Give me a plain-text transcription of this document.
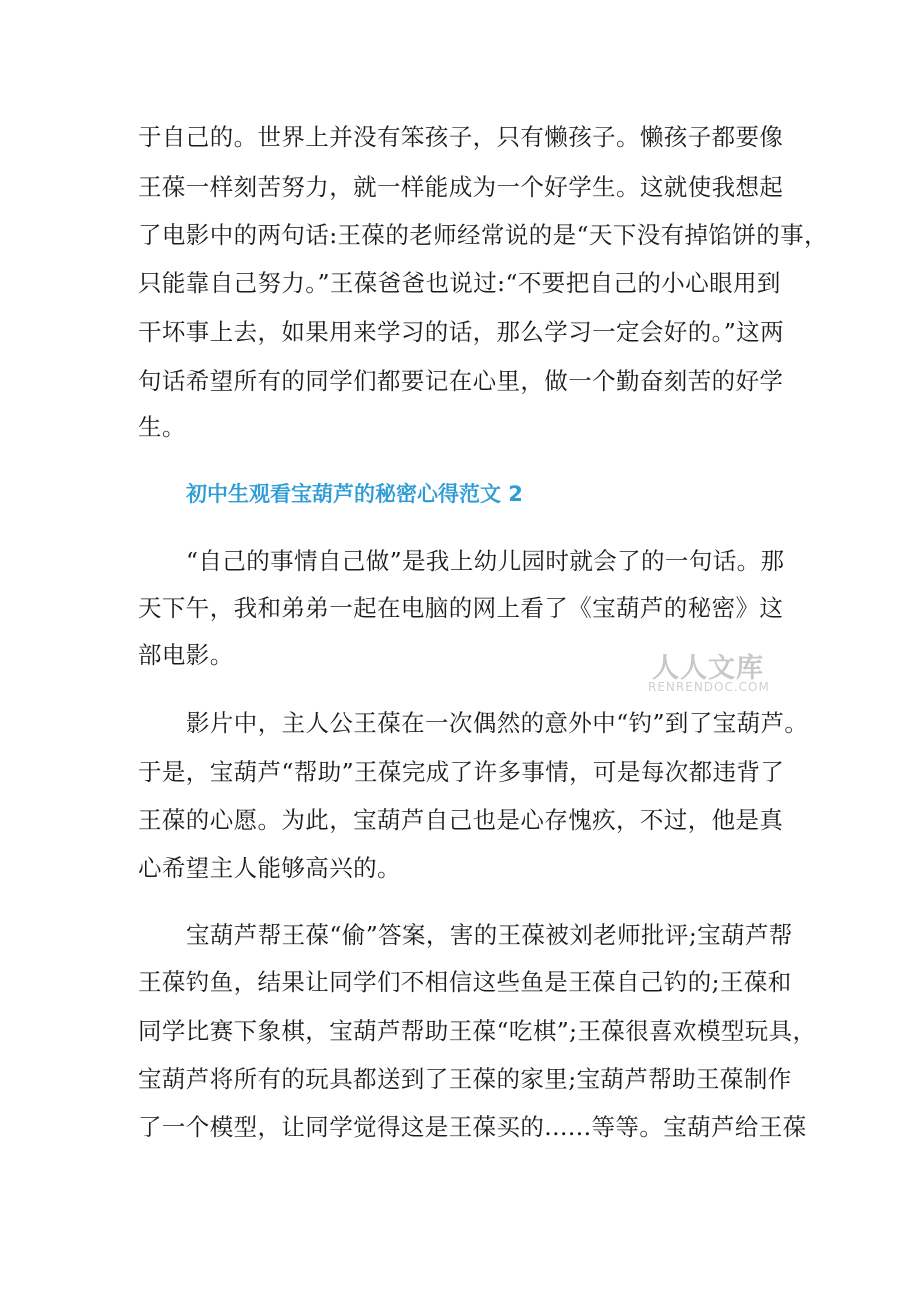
于自己的。世界上并没有笨孩子，只有懒孩子。懒孩子都要像
王葆一样刻苦努力，就一样能成为一个好学生。这就使我想起
了电影中的两句话:王葆的老师经常说的是“天下没有掉馅饼的事，
只能靠自己努力。”王葆爸爸也说过:“不要把自己的小心眼用到
干坏事上去，如果用来学习的话，那么学习一定会好的。”这两
句话希望所有的同学们都要记在心里，做一个勤奋刻苦的好学
生。
初中生观看宝葫芦的秘密心得范文 2
“自己的事情自己做”是我上幼儿园时就会了的一句话。那
天下午，我和弟弟一起在电脑的网上看了《宝葫芦的秘密》这
部电影。
影片中，主人公王葆在一次偶然的意外中“钓”到了宝葫芦。
于是，宝葫芦“帮助”王葆完成了许多事情，可是每次都违背了
王葆的心愿。为此，宝葫芦自己也是心存愧疚，不过，他是真
心希望主人能够高兴的。
宝葫芦帮王葆“偷”答案，害的王葆被刘老师批评;宝葫芦帮
王葆钓鱼，结果让同学们不相信这些鱼是王葆自己钓的;王葆和
同学比赛下象棋，宝葫芦帮助王葆“吃棋”;王葆很喜欢模型玩具，
宝葫芦将所有的玩具都送到了王葆的家里;宝葫芦帮助王葆制作
了一个模型，让同学觉得这是王葆买的......等等。宝葫芦给王葆
人人文库
RENRENDOC.COM
